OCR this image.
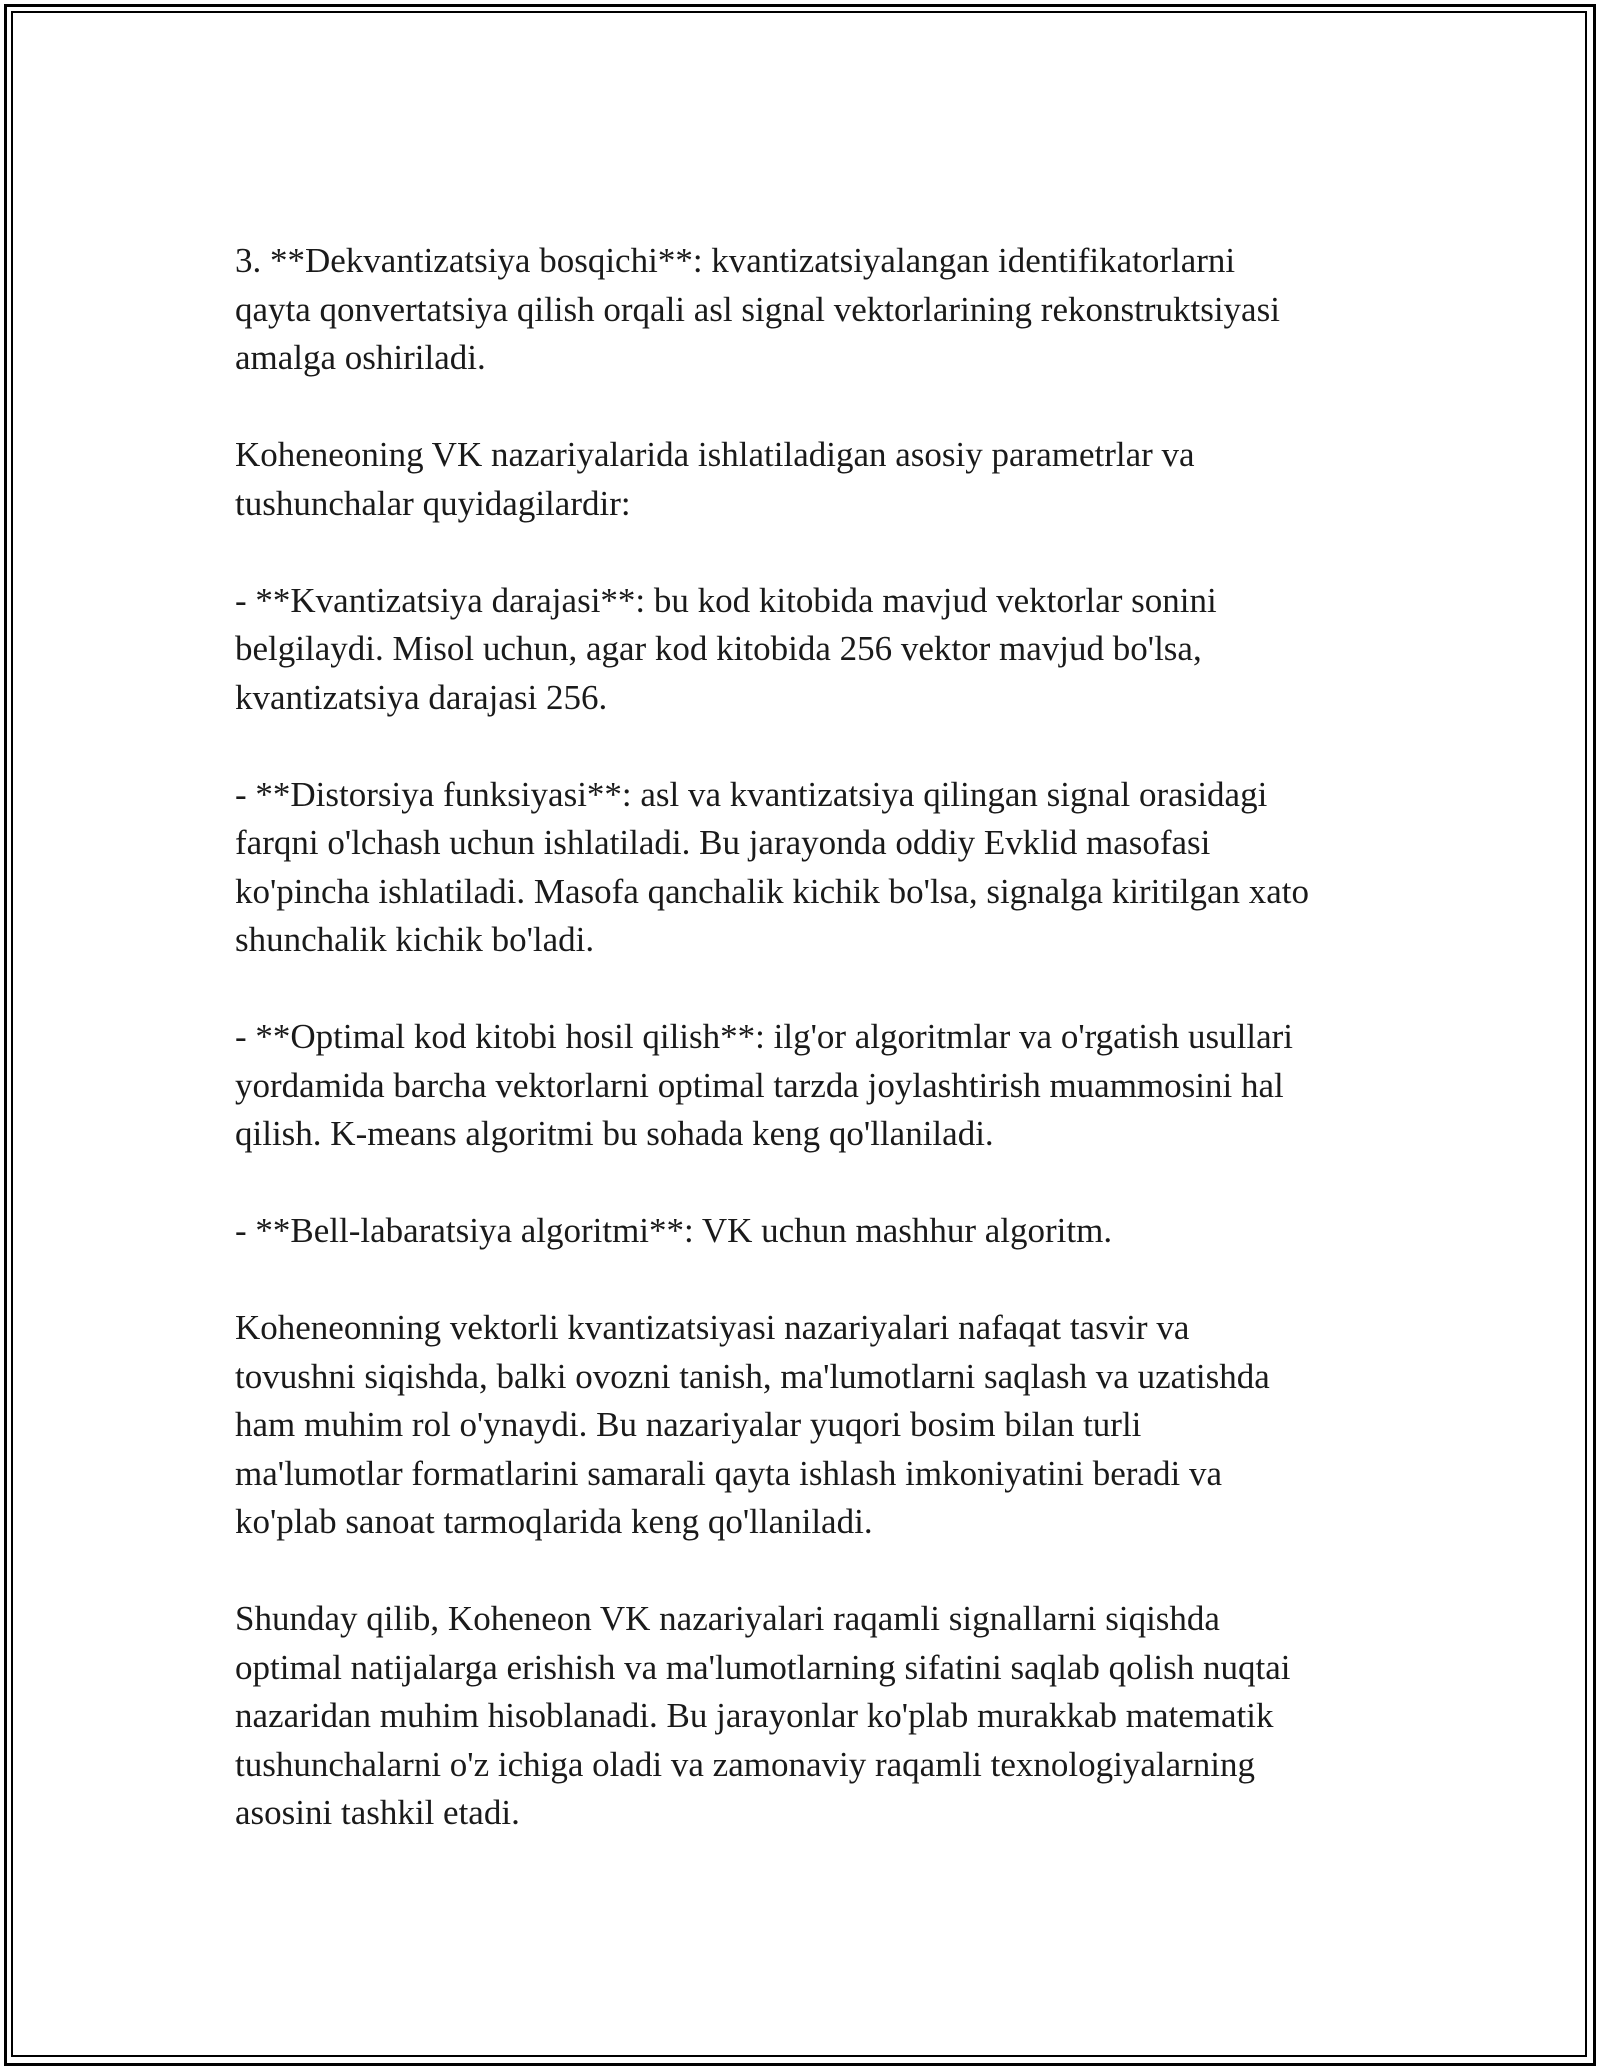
3. **Dekvantizatsiya bosqichi**: kvantizatsiyalangan identifikatorlarni
qayta qonvertatsiya qilish orqali asl signal vektorlarining rekonstruktsiyasi
amalga oshiriladi.

Koheneoning VK nazariyalarida ishlatiladigan asosiy parametrlar va
tushunchalar quyidagilardir:

- **Kvantizatsiya darajasi**: bu kod kitobida mavjud vektorlar sonini
belgilaydi. Misol uchun, agar kod kitobida 256 vektor mavjud bo'lsa,
kvantizatsiya darajasi 256.

- **Distorsiya funksiyasi**: asl va kvantizatsiya qilingan signal orasidagi
farqni o'lchash uchun ishlatiladi. Bu jarayonda oddiy Evklid masofasi
ko'pincha ishlatiladi. Masofa qanchalik kichik bo'lsa, signalga kiritilgan xato
shunchalik kichik bo'ladi.

- **Optimal kod kitobi hosil qilish**: ilg'or algoritmlar va o'rgatish usullari
yordamida barcha vektorlarni optimal tarzda joylashtirish muammosini hal
qilish. K-means algoritmi bu sohada keng qo'llaniladi.

- **Bell-labaratsiya algoritmi**: VK uchun mashhur algoritm.

Koheneonning vektorli kvantizatsiyasi nazariyalari nafaqat tasvir va
tovushni siqishda, balki ovozni tanish, ma'lumotlarni saqlash va uzatishda
ham muhim rol o'ynaydi. Bu nazariyalar yuqori bosim bilan turli
ma'lumotlar formatlarini samarali qayta ishlash imkoniyatini beradi va
ko'plab sanoat tarmoqlarida keng qo'llaniladi.

Shunday qilib, Koheneon VK nazariyalari raqamli signallarni siqishda
optimal natijalarga erishish va ma'lumotlarning sifatini saqlab qolish nuqtai
nazaridan muhim hisoblanadi. Bu jarayonlar ko'plab murakkab matematik
tushunchalarni o'z ichiga oladi va zamonaviy raqamli texnologiyalarning
asosini tashkil etadi.
